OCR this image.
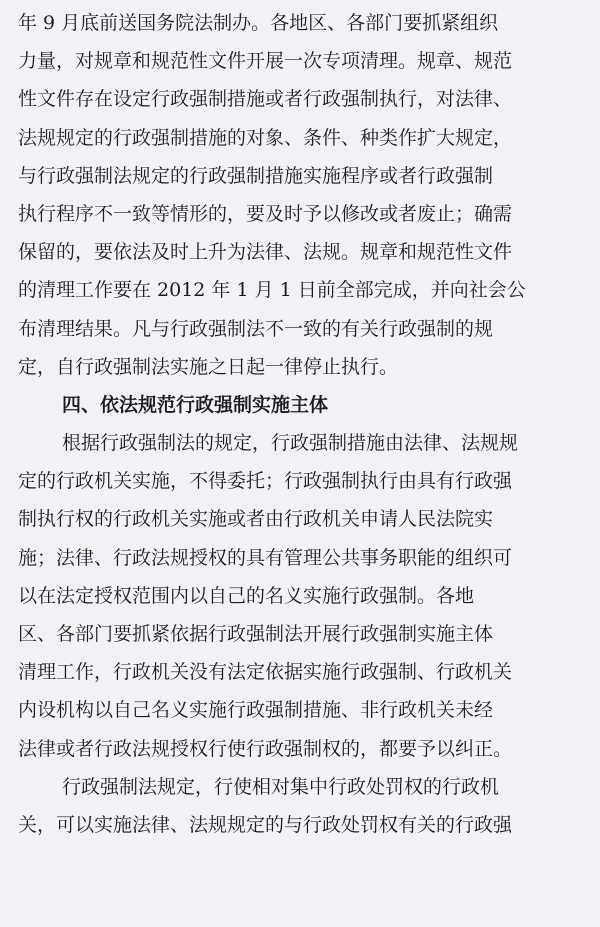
年 9 月底前送国务院法制办。各地区、各部门要抓紧组织
力量，对规章和规范性文件开展一次专项清理。规章、规范
性文件存在设定行政强制措施或者行政强制执行，对法律、
法规规定的行政强制措施的对象、条件、种类作扩大规定，
与行政强制法规定的行政强制措施实施程序或者行政强制
执行程序不一致等情形的，要及时予以修改或者废止；确需
保留的，要依法及时上升为法律、法规。规章和规范性文件
的清理工作要在 2012 年 1 月 1 日前全部完成，并向社会公
布清理结果。凡与行政强制法不一致的有关行政强制的规
定，自行政强制法实施之日起一律停止执行。
四、依法规范行政强制实施主体
根据行政强制法的规定，行政强制措施由法律、法规规
定的行政机关实施，不得委托；行政强制执行由具有行政强
制执行权的行政机关实施或者由行政机关申请人民法院实
施；法律、行政法规授权的具有管理公共事务职能的组织可
以在法定授权范围内以自己的名义实施行政强制。各地
区、各部门要抓紧依据行政强制法开展行政强制实施主体
清理工作，行政机关没有法定依据实施行政强制、行政机关
内设机构以自己名义实施行政强制措施、非行政机关未经
法律或者行政法规授权行使行政强制权的，都要予以纠正。
行政强制法规定，行使相对集中行政处罚权的行政机
关，可以实施法律、法规规定的与行政处罚权有关的行政强
